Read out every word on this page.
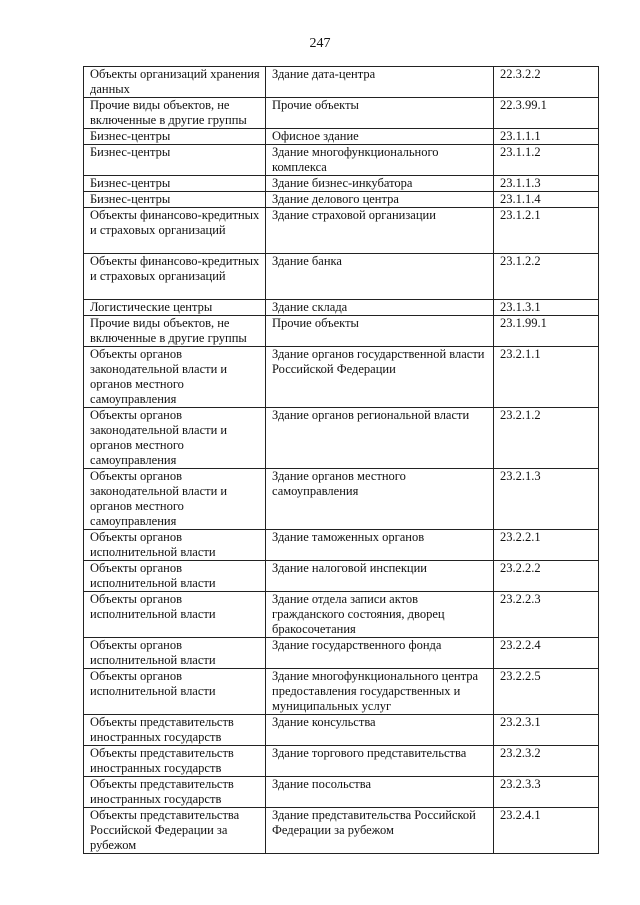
247
Объекты организаций хранения данных	Здание дата-центра	22.3.2.2
Прочие виды объектов, не включенные в другие группы	Прочие объекты	22.3.99.1
Бизнес-центры	Офисное здание	23.1.1.1
Бизнес-центры	Здание многофункционального комплекса	23.1.1.2
Бизнес-центры	Здание бизнес-инкубатора	23.1.1.3
Бизнес-центры	Здание делового центра	23.1.1.4
Объекты финансово-кредитных и страховых организаций	Здание страховой организации	23.1.2.1
Объекты финансово-кредитных и страховых организаций	Здание банка	23.1.2.2
Логистические центры	Здание склада	23.1.3.1
Прочие виды объектов, не включенные в другие группы	Прочие объекты	23.1.99.1
Объекты органов законодательной власти и органов местного самоуправления	Здание органов государственной власти Российской Федерации	23.2.1.1
Объекты органов законодательной власти и органов местного самоуправления	Здание органов региональной власти	23.2.1.2
Объекты органов законодательной власти и органов местного самоуправления	Здание органов местного самоуправления	23.2.1.3
Объекты органов исполнительной власти	Здание таможенных органов	23.2.2.1
Объекты органов исполнительной власти	Здание налоговой инспекции	23.2.2.2
Объекты органов исполнительной власти	Здание отдела записи актов гражданского состояния, дворец бракосочетания	23.2.2.3
Объекты органов исполнительной власти	Здание государственного фонда	23.2.2.4
Объекты органов исполнительной власти	Здание многофункционального центра предоставления государственных и муниципальных услуг	23.2.2.5
Объекты представительств иностранных государств	Здание консульства	23.2.3.1
Объекты представительств иностранных государств	Здание торгового представительства	23.2.3.2
Объекты представительств иностранных государств	Здание посольства	23.2.3.3
Объекты представительства Российской Федерации за рубежом	Здание представительства Российской Федерации за рубежом	23.2.4.1
